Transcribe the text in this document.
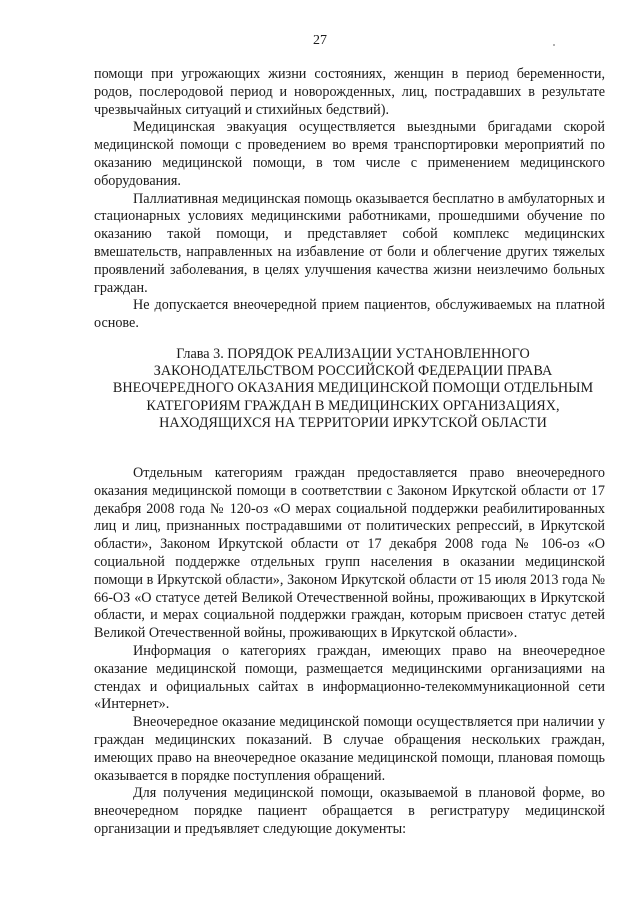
27

помощи при угрожающих жизни состояниях, женщин в период беременности, родов, послеродовой период и новорожденных, лиц, пострадавших в результате чрезвычайных ситуаций и стихийных бедствий).

Медицинская эвакуация осуществляется выездными бригадами скорой медицинской помощи с проведением во время транспортировки мероприятий по оказанию медицинской помощи, в том числе с применением медицинского оборудования.

Паллиативная медицинская помощь оказывается бесплатно в амбулаторных и стационарных условиях медицинскими работниками, прошедшими обучение по оказанию такой помощи, и представляет собой комплекс медицинских вмешательств, направленных на избавление от боли и облегчение других тяжелых проявлений заболевания, в целях улучшения качества жизни неизлечимо больных граждан.

Не допускается внеочередной прием пациентов, обслуживаемых на платной основе.

Глава 3. ПОРЯДОК РЕАЛИЗАЦИИ УСТАНОВЛЕННОГО ЗАКОНОДАТЕЛЬСТВОМ РОССИЙСКОЙ ФЕДЕРАЦИИ ПРАВА ВНЕОЧЕРЕДНОГО ОКАЗАНИЯ МЕДИЦИНСКОЙ ПОМОЩИ ОТДЕЛЬНЫМ КАТЕГОРИЯМ ГРАЖДАН В МЕДИЦИНСКИХ ОРГАНИЗАЦИЯХ, НАХОДЯЩИХСЯ НА ТЕРРИТОРИИ ИРКУТСКОЙ ОБЛАСТИ

Отдельным категориям граждан предоставляется право внеочередного оказания медицинской помощи в соответствии с Законом Иркутской области от 17 декабря 2008 года № 120-оз «О мерах социальной поддержки реабилитированных лиц и лиц, признанных пострадавшими от политических репрессий, в Иркутской области», Законом Иркутской области от 17 декабря 2008 года № 106-оз «О социальной поддержке отдельных групп населения в оказании медицинской помощи в Иркутской области», Законом Иркутской области от 15 июля 2013 года № 66-ОЗ «О статусе детей Великой Отечественной войны, проживающих в Иркутской области, и мерах социальной поддержки граждан, которым присвоен статус детей Великой Отечественной войны, проживающих в Иркутской области».

Информация о категориях граждан, имеющих право на внеочередное оказание медицинской помощи, размещается медицинскими организациями на стендах и официальных сайтах в информационно-телекоммуникационной сети «Интернет».

Внеочередное оказание медицинской помощи осуществляется при наличии у граждан медицинских показаний. В случае обращения нескольких граждан, имеющих право на внеочередное оказание медицинской помощи, плановая помощь оказывается в порядке поступления обращений.

Для получения медицинской помощи, оказываемой в плановой форме, во внеочередном порядке пациент обращается в регистратуру медицинской организации и предъявляет следующие документы:
